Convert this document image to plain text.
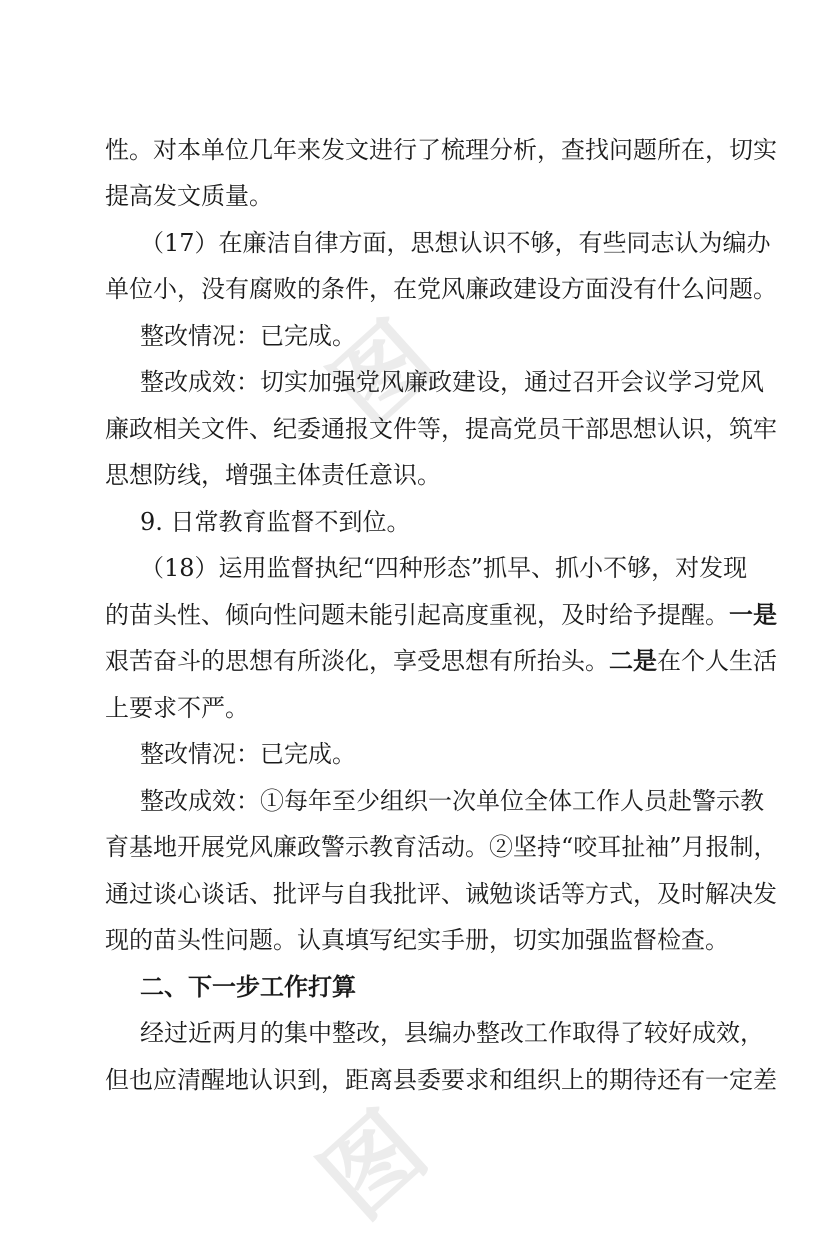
图
图
性。对本单位几年来发文进行了梳理分析，查找问题所在，切实
提高发文质量。
（17）在廉洁自律方面，思想认识不够，有些同志认为编办
单位小，没有腐败的条件，在党风廉政建设方面没有什么问题。
整改情况：已完成。
整改成效：切实加强党风廉政建设，通过召开会议学习党风
廉政相关文件、纪委通报文件等，提高党员干部思想认识，筑牢
思想防线，增强主体责任意识。
9. 日常教育监督不到位。
（18）运用监督执纪“四种形态”抓早、抓小不够，对发现
的苗头性、倾向性问题未能引起高度重视，及时给予提醒。一是
艰苦奋斗的思想有所淡化，享受思想有所抬头。二是在个人生活
上要求不严。
整改情况：已完成。
整改成效：①每年至少组织一次单位全体工作人员赴警示教
育基地开展党风廉政警示教育活动。②坚持“咬耳扯袖”月报制，
通过谈心谈话、批评与自我批评、诫勉谈话等方式，及时解决发
现的苗头性问题。认真填写纪实手册，切实加强监督检查。
二、下一步工作打算
经过近两月的集中整改，县编办整改工作取得了较好成效，
但也应清醒地认识到，距离县委要求和组织上的期待还有一定差
